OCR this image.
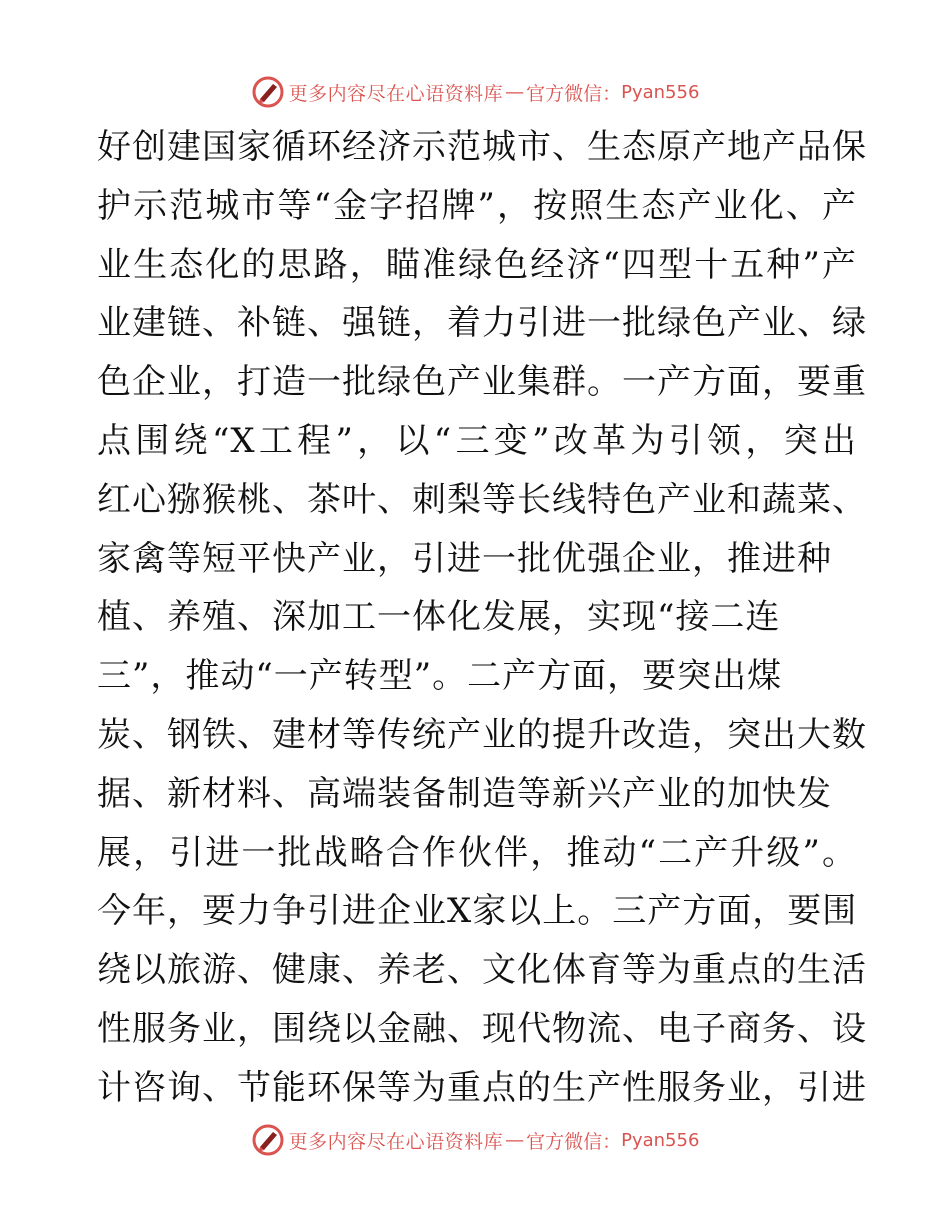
更多内容尽在心语资料库 — 官方微信： Pyan556
好创建国家循环经济示范城市、生态原产地产品保
护示范城市等“金字招牌”，按照生态产业化、产
业生态化的思路，瞄准绿色经济“四型十五种”产
业建链、补链、强链，着力引进一批绿色产业、绿
色企业，打造一批绿色产业集群。一产方面，要重
点围绕“X工程”，以“三变”改革为引领，突出
红心猕猴桃、茶叶、刺梨等长线特色产业和蔬菜、
家禽等短平快产业，引进一批优强企业，推进种
植、养殖、深加工一体化发展，实现“接二连
三”，推动“一产转型”。二产方面，要突出煤
炭、钢铁、建材等传统产业的提升改造，突出大数
据、新材料、高端装备制造等新兴产业的加快发
展，引进一批战略合作伙伴，推动“二产升级”。
今年，要力争引进企业X家以上。三产方面，要围
绕以旅游、健康、养老、文化体育等为重点的生活
性服务业，围绕以金融、现代物流、电子商务、设
计咨询、节能环保等为重点的生产性服务业，引进
更多内容尽在心语资料库 — 官方微信： Pyan556
